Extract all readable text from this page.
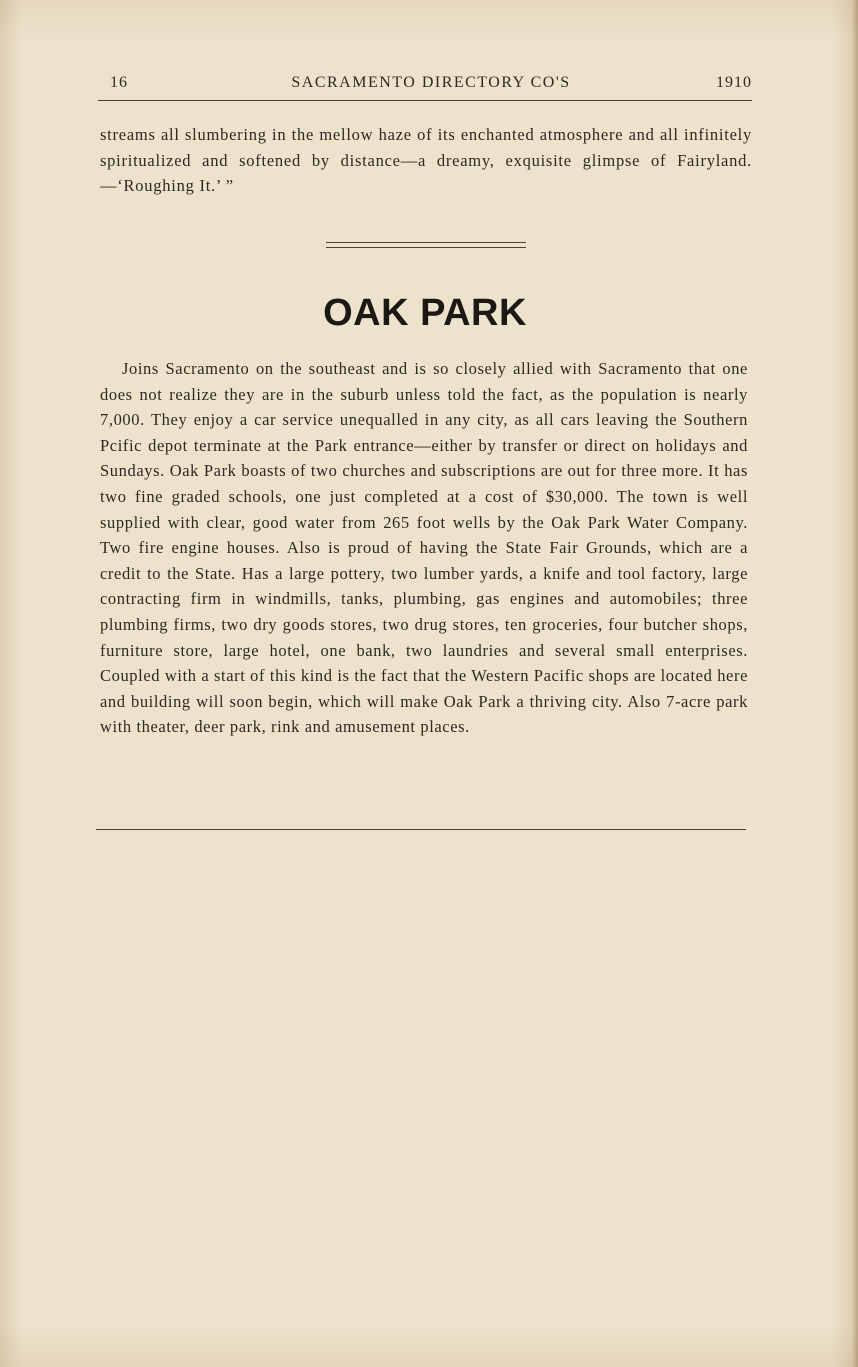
16	SACRAMENTO DIRECTORY CO'S	1910

streams all slumbering in the mellow haze of its enchanted atmosphere and all infinitely spiritualized and softened by distance—a dreamy, exquisite glimpse of Fairyland.—‘Roughing It.’ ”

OAK PARK

Joins Sacramento on the southeast and is so closely allied with Sacramento that one does not realize they are in the suburb unless told the fact, as the population is nearly 7,000. They enjoy a car service unequalled in any city, as all cars leaving the Southern Pcific depot terminate at the Park entrance—either by transfer or direct on holidays and Sundays. Oak Park boasts of two churches and subscriptions are out for three more. It has two fine graded schools, one just completed at a cost of $30,000. The town is well supplied with clear, good water from 265 foot wells by the Oak Park Water Company. Two fire engine houses. Also is proud of having the State Fair Grounds, which are a credit to the State. Has a large pottery, two lumber yards, a knife and tool factory, large contracting firm in windmills, tanks, plumbing, gas engines and automobiles; three plumbing firms, two dry goods stores, two drug stores, ten groceries, four butcher shops, furniture store, large hotel, one bank, two laundries and several small enterprises. Coupled with a start of this kind is the fact that the Western Pacific shops are located here and building will soon begin, which will make Oak Park a thriving city. Also 7-acre park with theater, deer park, rink and amusement places.
